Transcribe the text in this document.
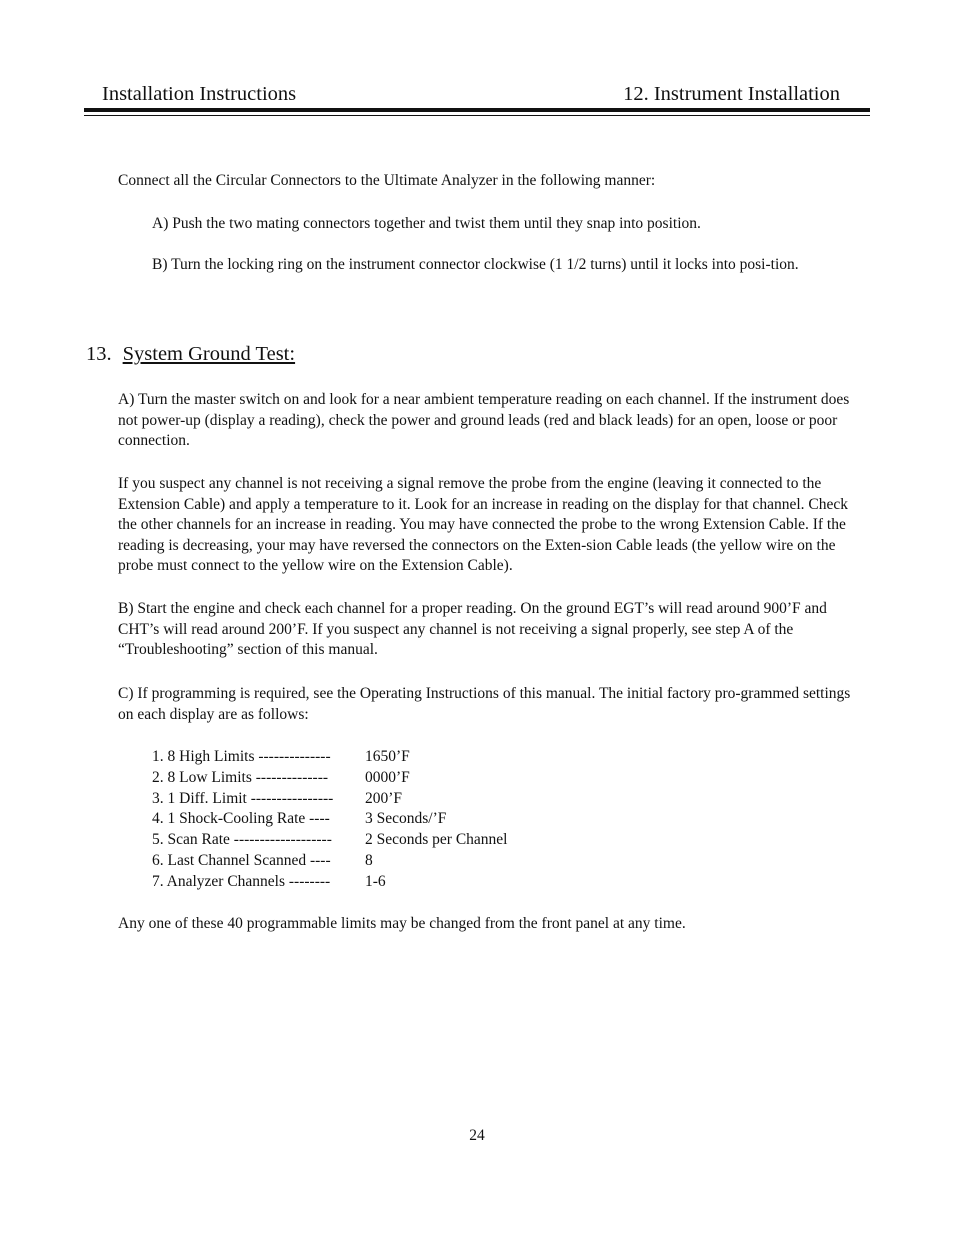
Installation Instructions	12. Instrument Installation

Connect all the Circular Connectors to the Ultimate Analyzer in the following manner:

A) Push the two mating connectors together and twist them until they snap into position.

B) Turn the locking ring on the instrument connector clockwise (1 1/2 turns) until it locks into posi-tion.

13. System Ground Test:

A) Turn the master switch on and look for a near ambient temperature reading on each channel. If the instrument does not power-up (display a reading), check the power and ground leads (red and black leads) for an open, loose or poor connection.

If you suspect any channel is not receiving a signal remove the probe from the engine (leaving it connected to the Extension Cable) and apply a temperature to it. Look for an increase in reading on the display for that channel. Check the other channels for an increase in reading. You may have connected the probe to the wrong Extension Cable. If the reading is decreasing, your may have reversed the connectors on the Exten-sion Cable leads (the yellow wire on the probe must connect to the yellow wire on the Extension Cable).

B) Start the engine and check each channel for a proper reading. On the ground EGT’s will read around 900’F and CHT’s will read around 200’F. If you suspect any channel is not receiving a signal properly, see step A of the “Troubleshooting” section of this manual.

C) If programming is required, see the Operating Instructions of this manual. The initial factory pro-grammed settings on each display are as follows:

1. 8 High Limits --------------	1650’F
2. 8 Low Limits --------------	0000’F
3. 1 Diff. Limit ----------------	200’F
4. 1 Shock-Cooling Rate ----	3 Seconds/’F
5. Scan Rate -------------------	2 Seconds per Channel
6. Last Channel Scanned ----	8
7. Analyzer Channels --------	1-6

Any one of these 40 programmable limits may be changed from the front panel at any time.

24
